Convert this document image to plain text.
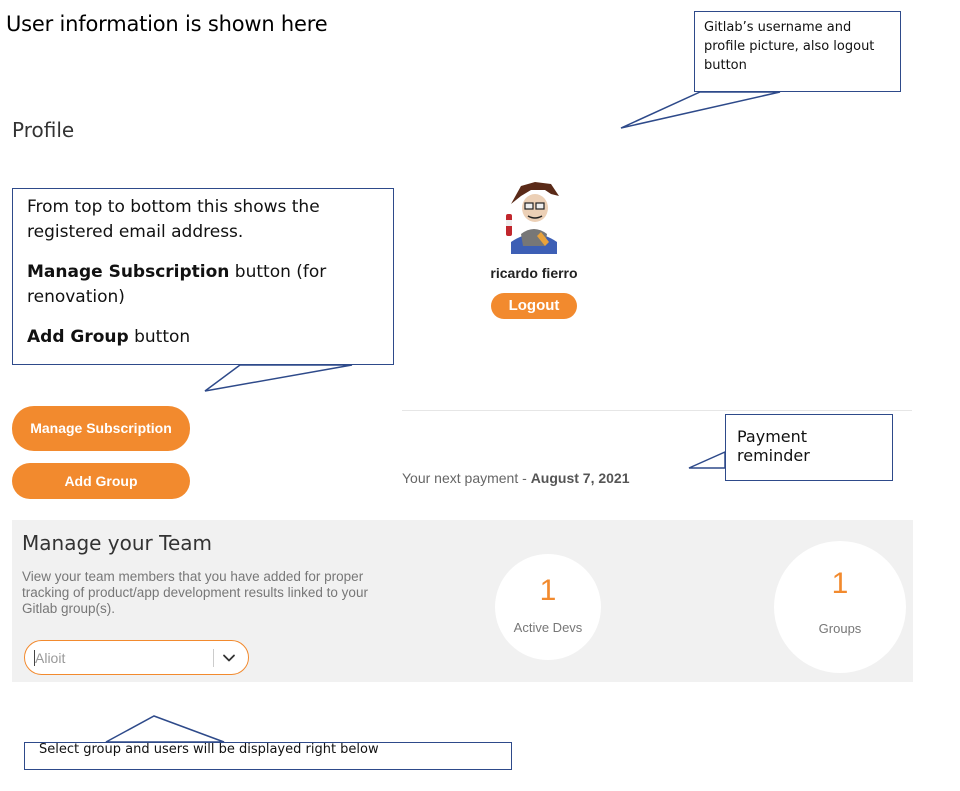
User information is shown here
Profile
Gitlab’s username and profile picture, also logout button

From top to bottom this shows the registered email address.

Manage Subscription button (for renovation)

Add Group button

ricardo fierro
Logout
Manage Subscription
Add Group	Your next payment - August 7, 2021
Payment reminder
Manage your Team
View your team members that you have added for proper tracking of product/app development results linked to your Gitlab group(s).
Alioit
1
Active Devs
1
Groups
Select group and users will be displayed right below
